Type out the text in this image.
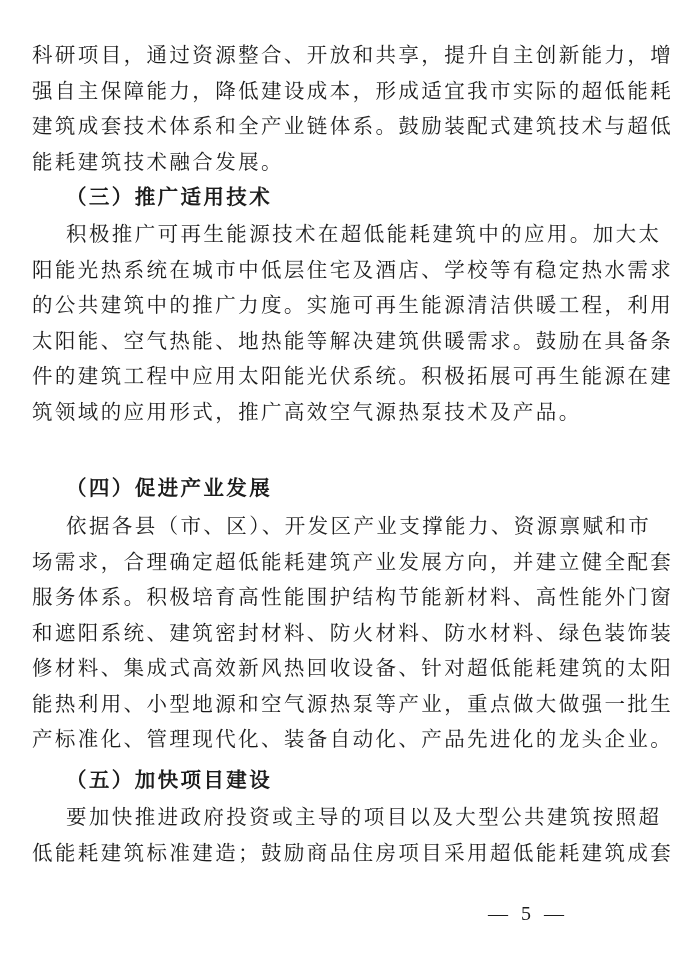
科研项目，通过资源整合、开放和共享，提升自主创新能力，增
强自主保障能力，降低建设成本，形成适宜我市实际的超低能耗
建筑成套技术体系和全产业链体系。鼓励装配式建筑技术与超低
能耗建筑技术融合发展。
（三）推广适用技术
积极推广可再生能源技术在超低能耗建筑中的应用。加大太
阳能光热系统在城市中低层住宅及酒店、学校等有稳定热水需求
的公共建筑中的推广力度。实施可再生能源清洁供暖工程，利用
太阳能、空气热能、地热能等解决建筑供暖需求。鼓励在具备条
件的建筑工程中应用太阳能光伏系统。积极拓展可再生能源在建
筑领域的应用形式，推广高效空气源热泵技术及产品。
（四）促进产业发展
依据各县（市、区）、开发区产业支撑能力、资源禀赋和市
场需求，合理确定超低能耗建筑产业发展方向，并建立健全配套
服务体系。积极培育高性能围护结构节能新材料、高性能外门窗
和遮阳系统、建筑密封材料、防火材料、防水材料、绿色装饰装
修材料、集成式高效新风热回收设备、针对超低能耗建筑的太阳
能热利用、小型地源和空气源热泵等产业，重点做大做强一批生
产标准化、管理现代化、装备自动化、产品先进化的龙头企业。
（五）加快项目建设
要加快推进政府投资或主导的项目以及大型公共建筑按照超
低能耗建筑标准建造；鼓励商品住房项目采用超低能耗建筑成套
— 5 —
